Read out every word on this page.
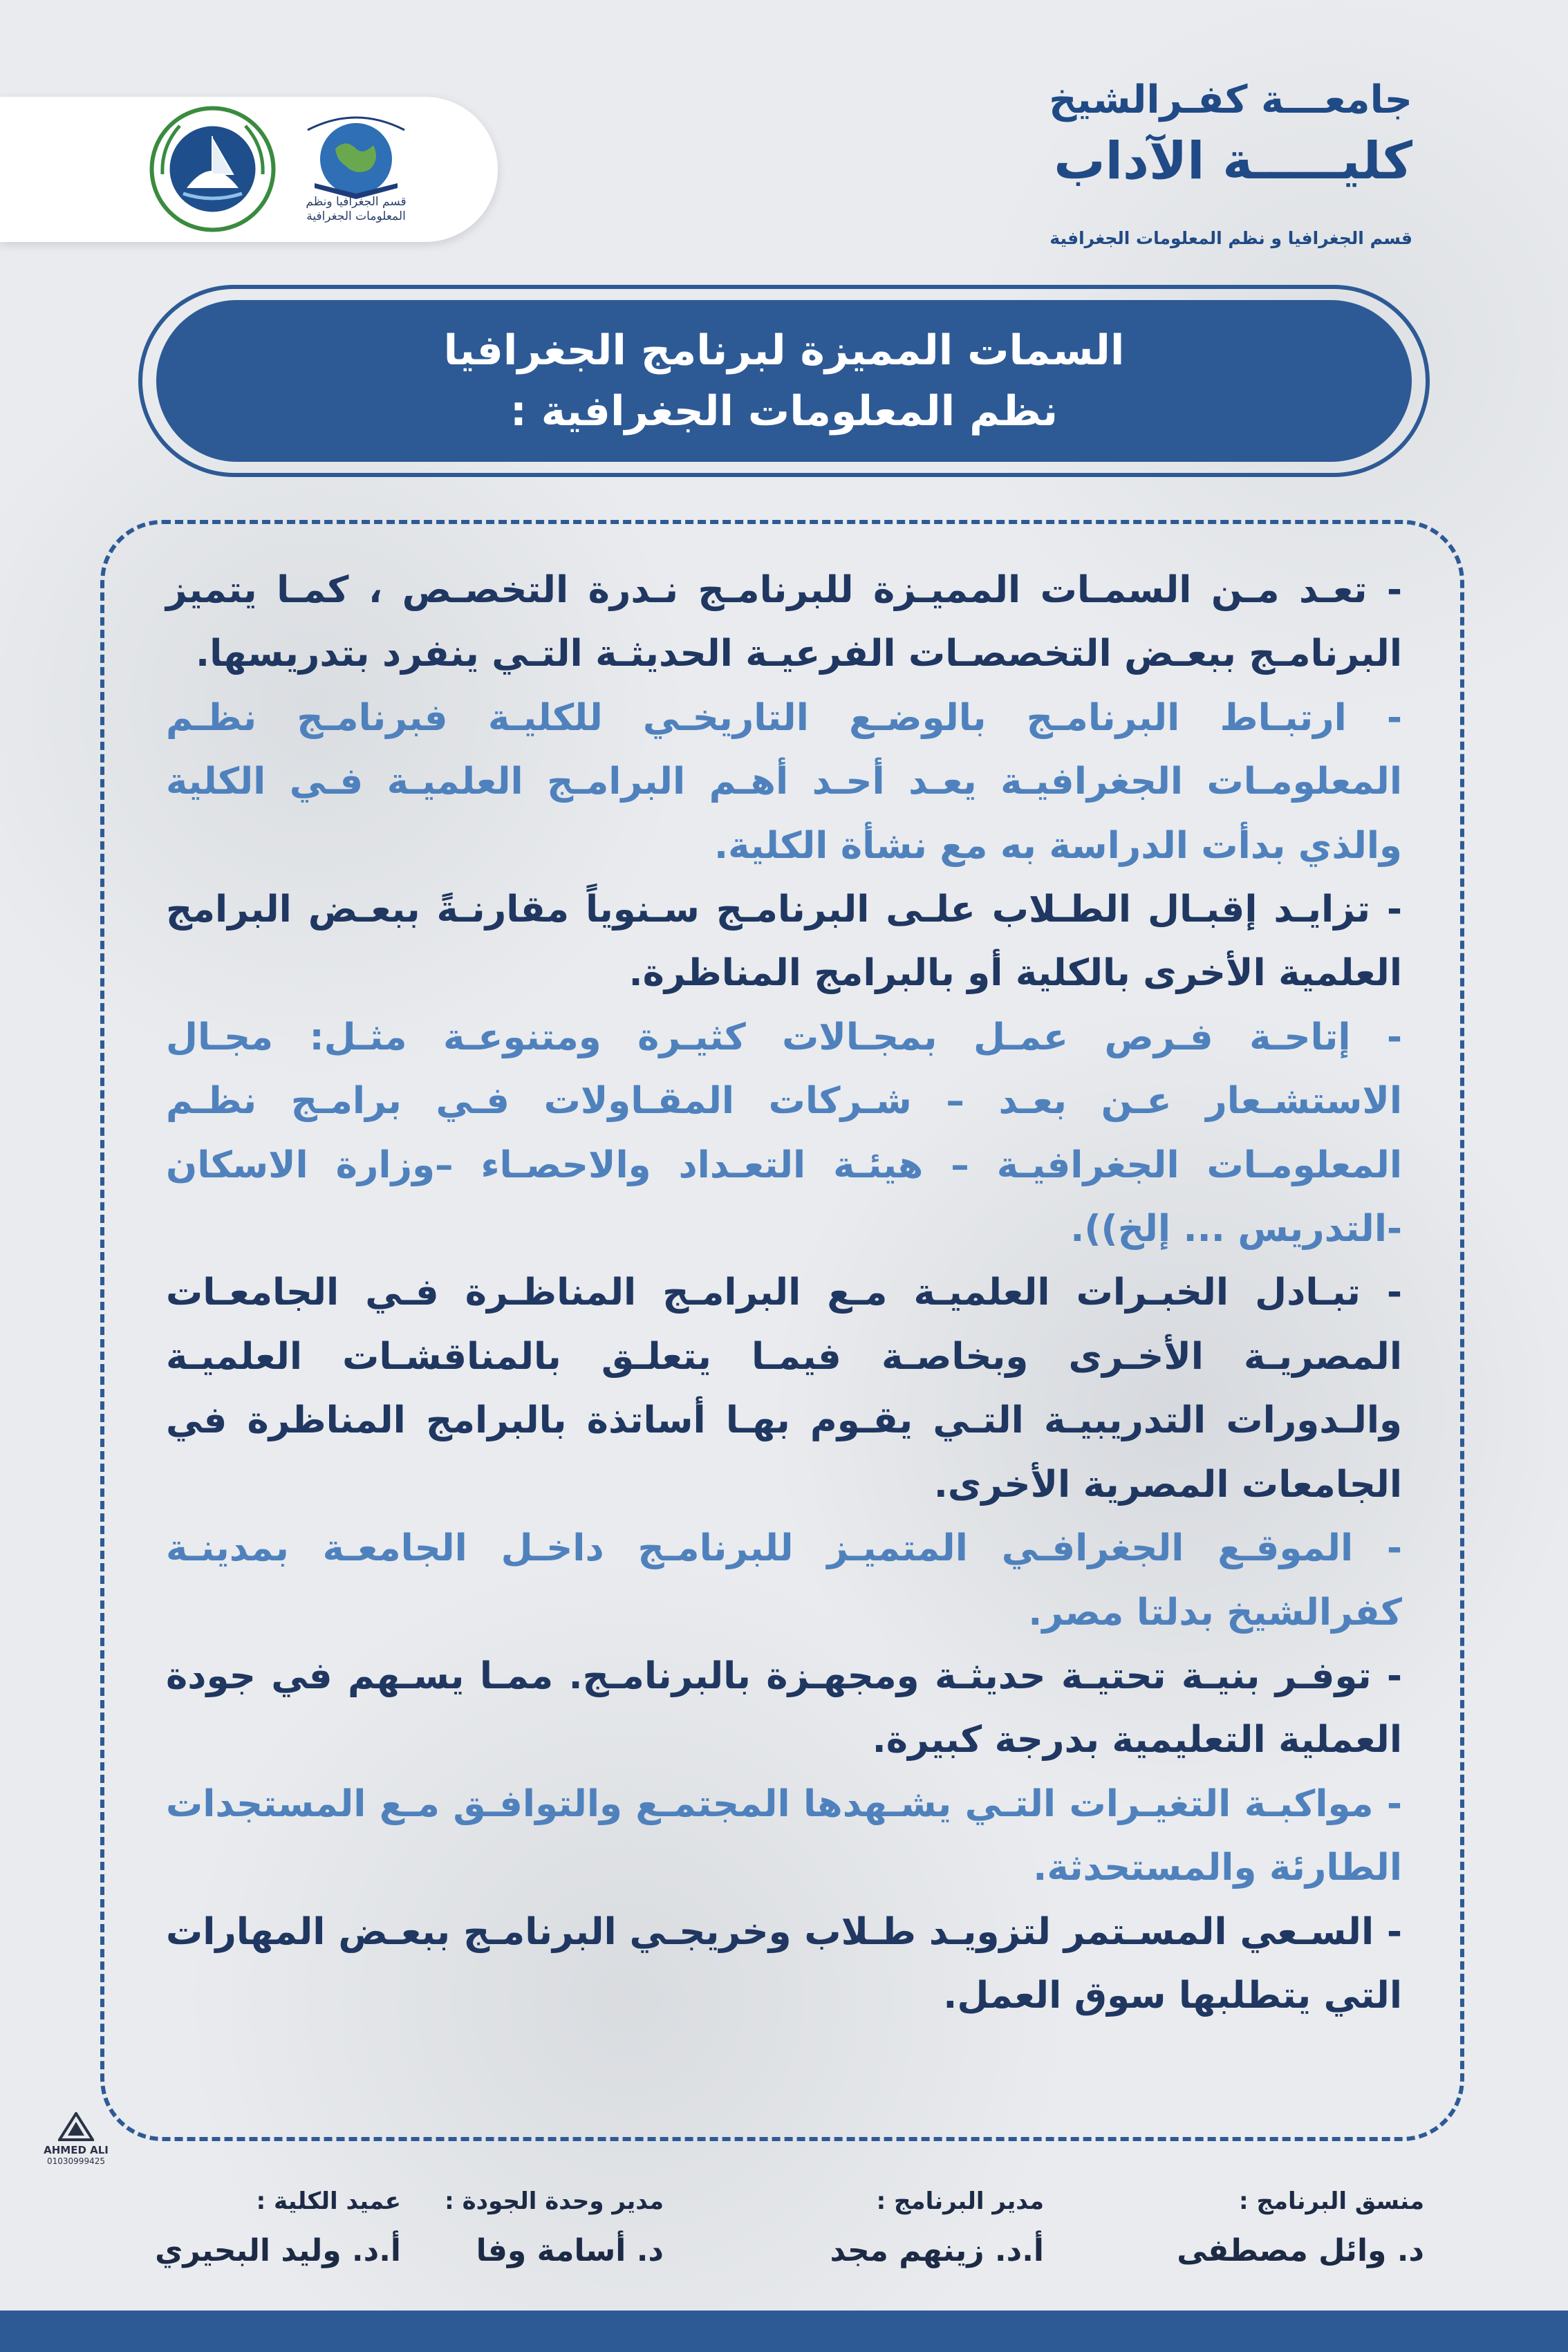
قسم الجغرافيا ونظم المعلومات الجغرافية
جامعـــة كفـرالشيخ
كليـــــة الآداب
قسم الجغرافيا و نظم المعلومات الجغرافية
السمات المميزة لبرنامج الجغرافيا
نظم المعلومات الجغرافية :

- تعـد مـن السمـات المميـزة للبرنامـج نـدرة التخصـص ، كمـا يتميز البرنامـج ببعـض التخصصـات الفرعيـة الحديثـة التـي ينفرد بتدريسها.

- ارتبـاط البرنامـج بالوضـع التاريخـي للكليـة فبرنامـج نظـم المعلومـات الجغرافيـة يعـد أحـد أهـم البرامـج العلميـة فـي الكلية والذي بدأت الدراسة به مع نشأة الكلية.

- تزايـد إقبـال الطـلاب علـى البرنامـج سـنوياً مقارنـةً ببعـض البرامج العلمية الأخرى بالكلية أو بالبرامج المناظرة.

- إتاحـة فـرص عمـل بمجـالات كثيـرة ومتنوعـة مثـل: مجـال الاستشـعار عـن بعـد – شـركات المقـاولات فـي برامـج نظـم المعلومـات الجغرافيـة – هيئـة التعـداد والاحصـاء –وزارة الاسكان -التدريس ... إلخ)).

- تبـادل الخبـرات العلميـة مـع البرامـج المناظـرة فـي الجامعـات المصريـة الأخـرى وبخاصـة فيمـا يتعلـق بالمناقشـات العلميـة والـدورات التدريبيـة التـي يقـوم بهـا أساتذة بالبرامج المناظرة في الجامعات المصرية الأخرى.

- الموقـع الجغرافـي المتميـز للبرنامـج داخـل الجامعـة بمدينـة كفرالشيخ بدلتا مصر.

- توفـر بنيـة تحتيـة حديثـة ومجهـزة بالبرنامـج. ممـا يسـهم في جودة العملية التعليمية بدرجة كبيرة.

- مواكبـة التغيـرات التـي يشـهدها المجتمـع والتوافـق مـع المستجدات الطارئة والمستحدثة.

- السـعي المسـتمر لتزويـد طـلاب وخريجـي البرنامـج ببعـض المهارات التي يتطلبها سوق العمل.

AHMED ALI
01030999425
منسق البرنامج :
د. وائل مصطفى
مدير البرنامج :
أ.د. زينهم مجد
مدير وحدة الجودة :
د. أسامة وفا
عميد الكلية :
أ.د. وليد البحيري
